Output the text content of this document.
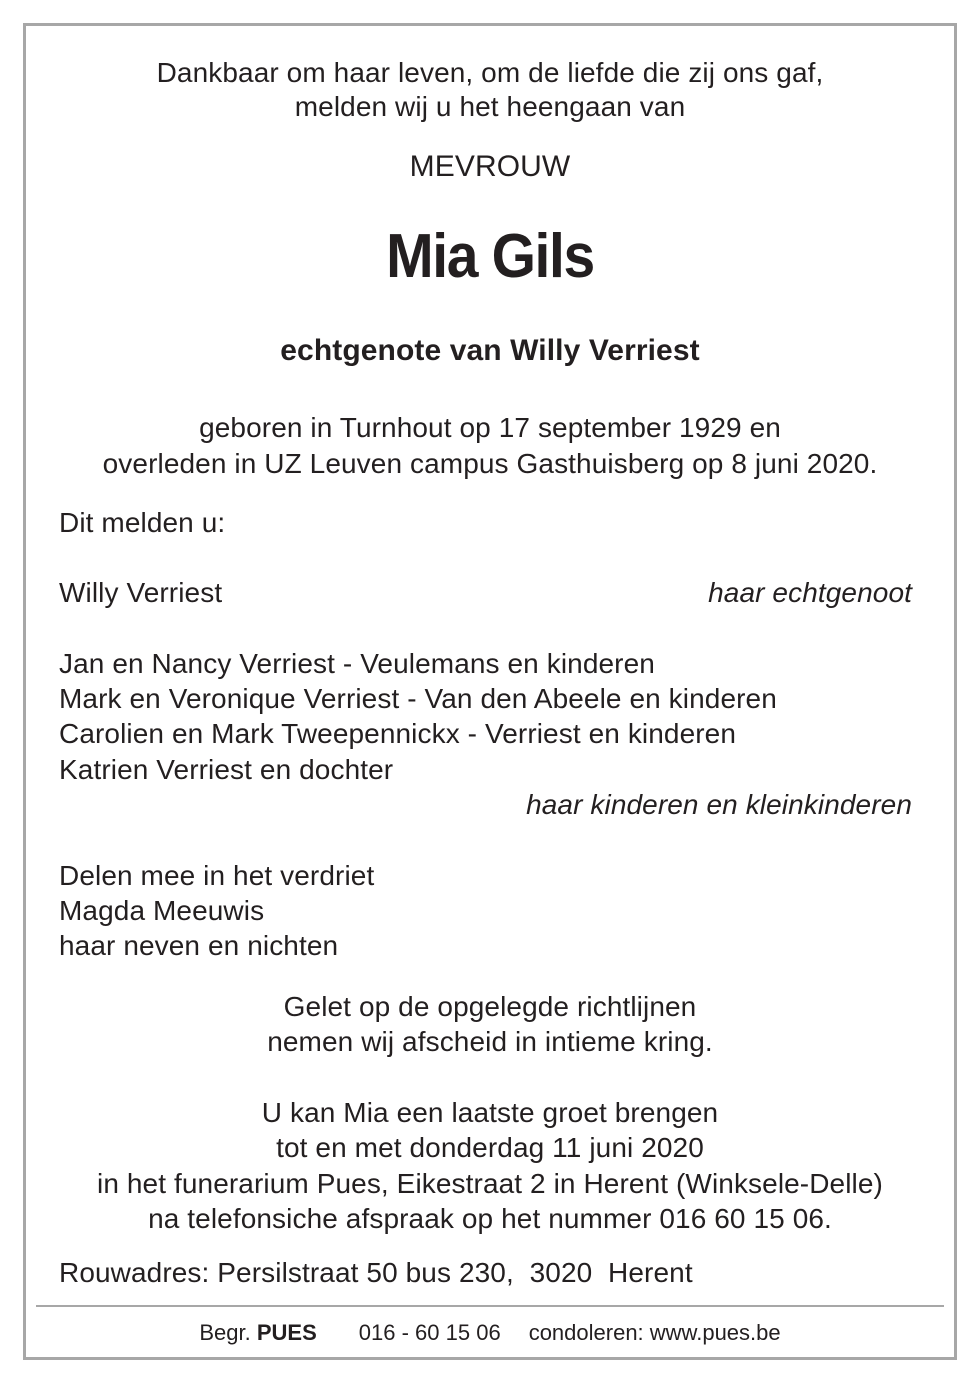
Dankbaar om haar leven, om de liefde die zij ons gaf,
melden wij u het heengaan van
MEVROUW
Mia Gils
echtgenote van Willy Verriest
geboren in Turnhout op 17 september 1929 en
overleden in UZ Leuven campus Gasthuisberg op 8 juni 2020.
Dit melden u:
Willy Verriest	haar echtgenoot
Jan en Nancy Verriest - Veulemans en kinderen
Mark en Veronique Verriest - Van den Abeele en kinderen
Carolien en Mark Tweepennickx - Verriest en kinderen
Katrien Verriest en dochter
haar kinderen en kleinkinderen
Delen mee in het verdriet
Magda Meeuwis
haar neven en nichten
Gelet op de opgelegde richtlijnen
nemen wij afscheid in intieme kring.
U kan Mia een laatste groet brengen
tot en met donderdag 11 juni 2020
in het funerarium Pues, Eikestraat 2 in Herent (Winksele-Delle)
na telefonsiche afspraak op het nummer 016 60 15 06.
Rouwadres: Persilstraat 50 bus 230,  3020  Herent
Begr. PUES 016 - 60 15 06 condoleren: www.pues.be
